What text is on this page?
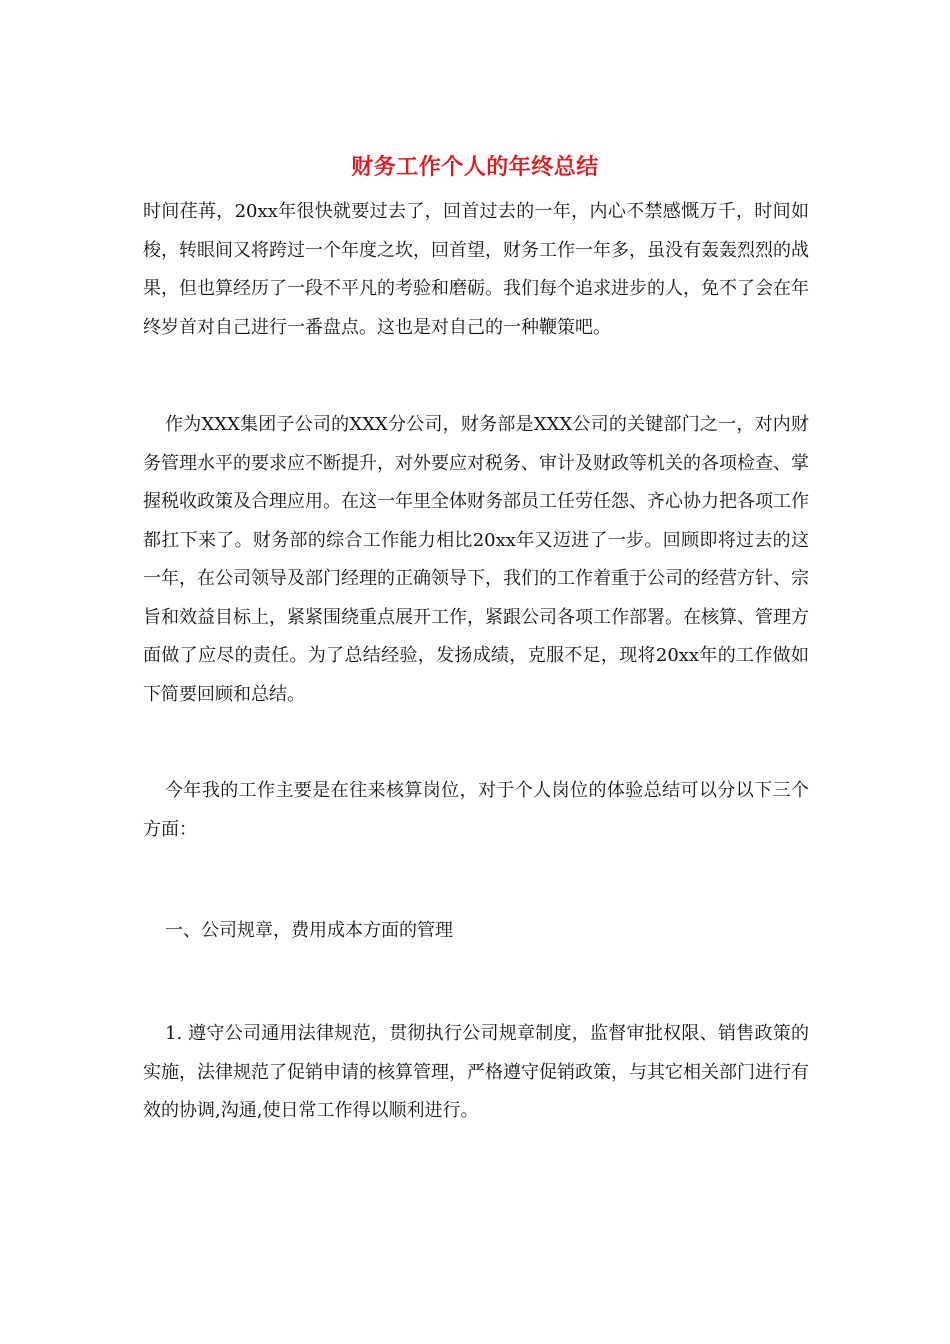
财务工作个人的年终总结

时间荏苒，20xx年很快就要过去了，回首过去的一年，内心不禁感慨万千，时间如梭，转眼间又将跨过一个年度之坎，回首望，财务工作一年多，虽没有轰轰烈烈的战果，但也算经历了一段不平凡的考验和磨砺。我们每个追求进步的人，免不了会在年终岁首对自己进行一番盘点。这也是对自己的一种鞭策吧。

作为XXX集团子公司的XXX分公司，财务部是XXX公司的关键部门之一，对内财务管理水平的要求应不断提升，对外要应对税务、审计及财政等机关的各项检查、掌握税收政策及合理应用。在这一年里全体财务部员工任劳任怨、齐心协力把各项工作都扛下来了。财务部的综合工作能力相比20xx年又迈进了一步。回顾即将过去的这一年，在公司领导及部门经理的正确领导下，我们的工作着重于公司的经营方针、宗旨和效益目标上，紧紧围绕重点展开工作，紧跟公司各项工作部署。在核算、管理方面做了应尽的责任。为了总结经验，发扬成绩，克服不足，现将20xx年的工作做如下简要回顾和总结。

今年我的工作主要是在往来核算岗位，对于个人岗位的体验总结可以分以下三个方面：

一、公司规章，费用成本方面的管理

1. 遵守公司通用法律规范，贯彻执行公司规章制度，监督审批权限、销售政策的实施，法律规范了促销申请的核算管理，严格遵守促销政策，与其它相关部门进行有效的协调,沟通,使日常工作得以顺利进行。
